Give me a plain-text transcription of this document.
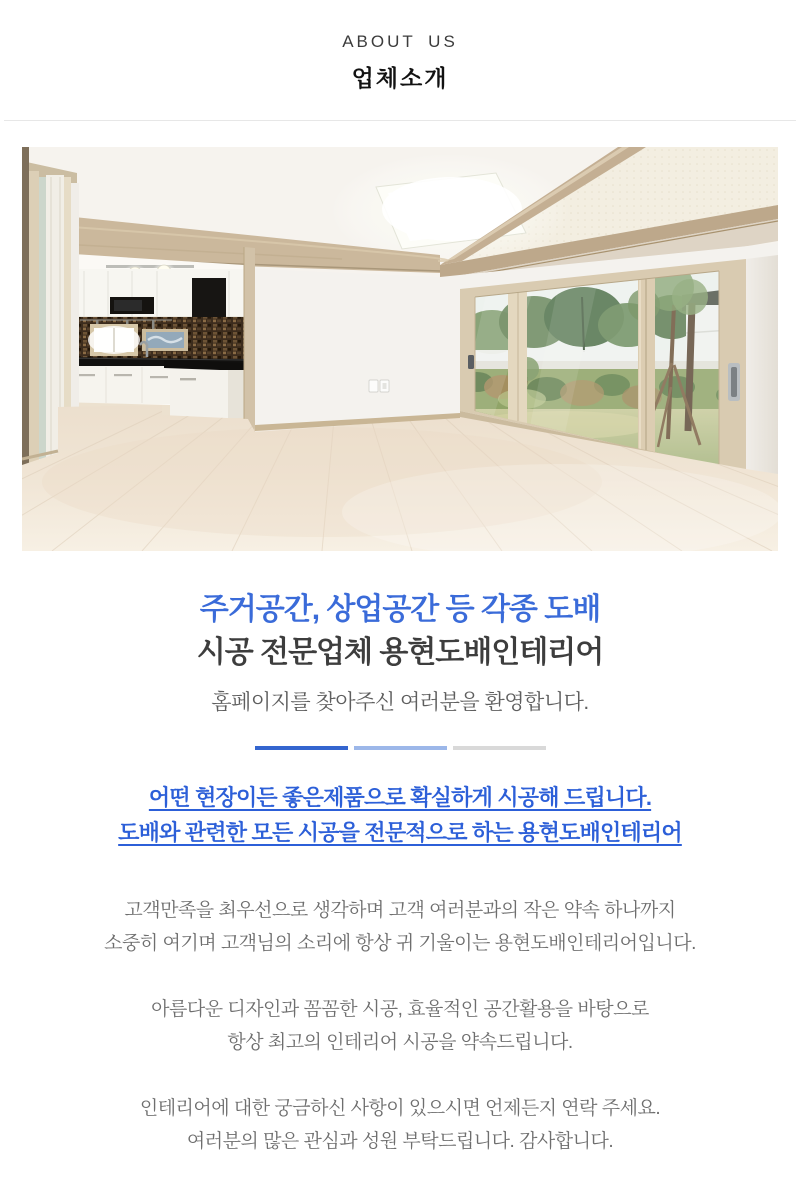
ABOUT US
업체소개
주거공간, 상업공간 등 각종 도배
시공 전문업체 용현도배인테리어

홈페이지를 찾아주신 여러분을 환영합니다.

어떤 현장이든 좋은제품으로 확실하게 시공해 드립니다.
도배와 관련한 모든 시공을 전문적으로 하는 용현도배인테리어

고객만족을 최우선으로 생각하며 고객 여러분과의 작은 약속 하나까지
소중히 여기며 고객님의 소리에 항상 귀 기울이는 용현도배인테리어입니다.

아름다운 디자인과 꼼꼼한 시공, 효율적인 공간활용을 바탕으로
항상 최고의 인테리어 시공을 약속드립니다.

인테리어에 대한 궁금하신 사항이 있으시면 언제든지 연락 주세요.
여러분의 많은 관심과 성원 부탁드립니다. 감사합니다.
